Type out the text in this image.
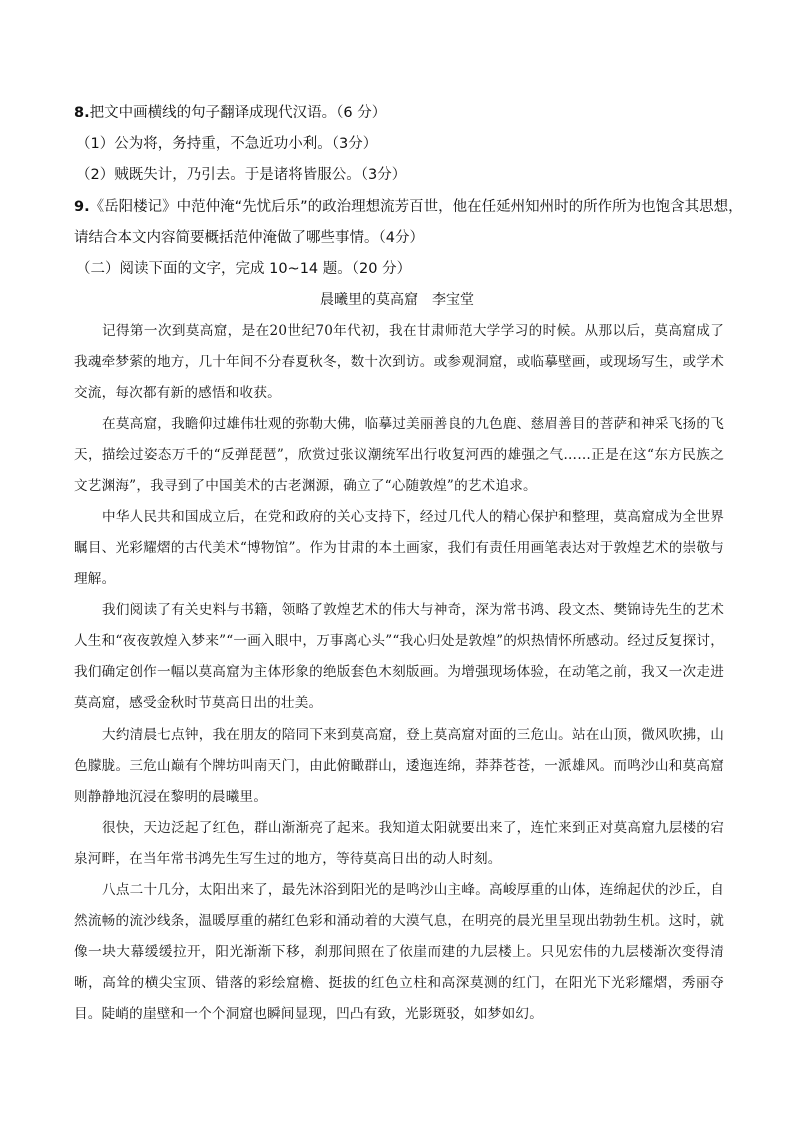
8.把文中画横线的句子翻译成现代汉语。（6 分）
（1）公为将，务持重，不急近功小利。（3分）
（2）贼既失计，乃引去。于是诸将皆服公。（3分）
9.《岳阳楼记》中范仲淹“先忧后乐”的政治理想流芳百世，他在任延州知州时的所作所为也饱含其思想，
请结合本文内容简要概括范仲淹做了哪些事情。（4分）
（二）阅读下面的文字，完成 10~14 题。（20 分）
晨曦里的莫高窟 李宝堂
记得第一次到莫高窟，是在20世纪70年代初，我在甘肃师范大学学习的时候。从那以后，莫高窟成了我魂牵梦萦的地方，几十年间不分春夏秋冬，数十次到访。或参观洞窟，或临摹壁画，或现场写生，或学术交流，每次都有新的感悟和收获。
在莫高窟，我瞻仰过雄伟壮观的弥勒大佛，临摹过美丽善良的九色鹿、慈眉善目的菩萨和神采飞扬的飞天，描绘过姿态万千的“反弹琵琶”，欣赏过张议潮统军出行收复河西的雄强之气……正是在这“东方民族之文艺渊海”，我寻到了中国美术的古老渊源，确立了“心随敦煌”的艺术追求。
中华人民共和国成立后，在党和政府的关心支持下，经过几代人的精心保护和整理，莫高窟成为全世界瞩目、光彩耀熠的古代美术“博物馆”。作为甘肃的本土画家，我们有责任用画笔表达对于敦煌艺术的崇敬与理解。
我们阅读了有关史料与书籍，领略了敦煌艺术的伟大与神奇，深为常书鸿、段文杰、樊锦诗先生的艺术人生和“夜夜敦煌入梦来”“一画入眼中，万事离心头”“我心归处是敦煌”的炽热情怀所感动。经过反复探讨，我们确定创作一幅以莫高窟为主体形象的绝版套色木刻版画。为增强现场体验，在动笔之前，我又一次走进莫高窟，感受金秋时节莫高日出的壮美。
大约清晨七点钟，我在朋友的陪同下来到莫高窟，登上莫高窟对面的三危山。站在山顶，微风吹拂，山色朦胧。三危山巅有个牌坊叫南天门，由此俯瞰群山，逶迤连绵，莽莽苍苍，一派雄风。而鸣沙山和莫高窟则静静地沉浸在黎明的晨曦里。
很快，天边泛起了红色，群山渐渐亮了起来。我知道太阳就要出来了，连忙来到正对莫高窟九层楼的宕泉河畔，在当年常书鸿先生写生过的地方，等待莫高日出的动人时刻。
八点二十几分，太阳出来了，最先沐浴到阳光的是鸣沙山主峰。高峻厚重的山体，连绵起伏的沙丘，自然流畅的流沙线条，温暖厚重的赭红色彩和涌动着的大漠气息，在明亮的晨光里呈现出勃勃生机。这时，就像一块大幕缓缓拉开，阳光渐渐下移，刹那间照在了依崖而建的九层楼上。只见宏伟的九层楼渐次变得清晰，高耸的横尖宝顶、错落的彩绘窟檐、挺拔的红色立柱和高深莫测的红门，在阳光下光彩耀熠，秀丽夺目。陡峭的崖壁和一个个洞窟也瞬间显现，凹凸有致，光影斑驳，如梦如幻。
